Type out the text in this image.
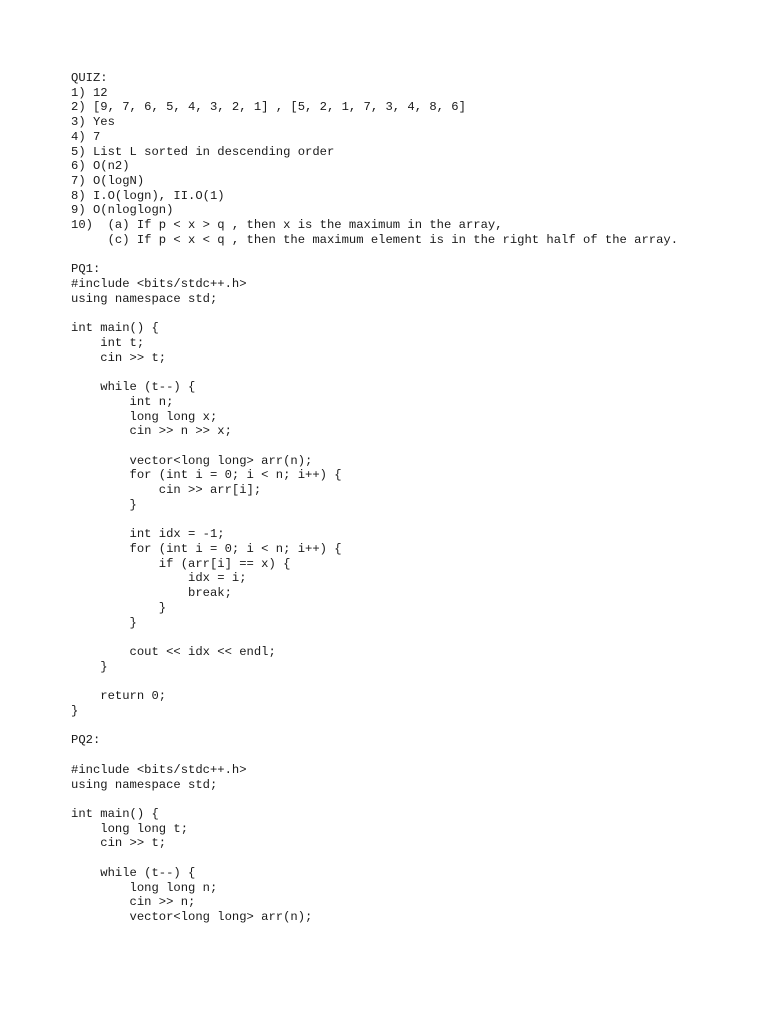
QUIZ:
1) 12
2) [9, 7, 6, 5, 4, 3, 2, 1] , [5, 2, 1, 7, 3, 4, 8, 6]
3) Yes
4) 7
5) List L sorted in descending order
6) O(n2)
7) O(logN)
8) I.O(logn), II.O(1)
9) O(nloglogn)
10)  (a) If p < x > q , then x is the maximum in the array,
(c) If p < x < q , then the maximum element is in the right half of the array.
PQ1:
#include <bits/stdc++.h>
using namespace std;
int main() {
int t;
cin >> t;
while (t--) {
int n;
long long x;
cin >> n >> x;
vector<long long> arr(n);
for (int i = 0; i < n; i++) {
cin >> arr[i];
}
int idx = -1;
for (int i = 0; i < n; i++) {
if (arr[i] == x) {
idx = i;
break;
}
}
cout << idx << endl;
}
return 0;
}
PQ2:
#include <bits/stdc++.h>
using namespace std;
int main() {
long long t;
cin >> t;
while (t--) {
long long n;
cin >> n;
vector<long long> arr(n);
